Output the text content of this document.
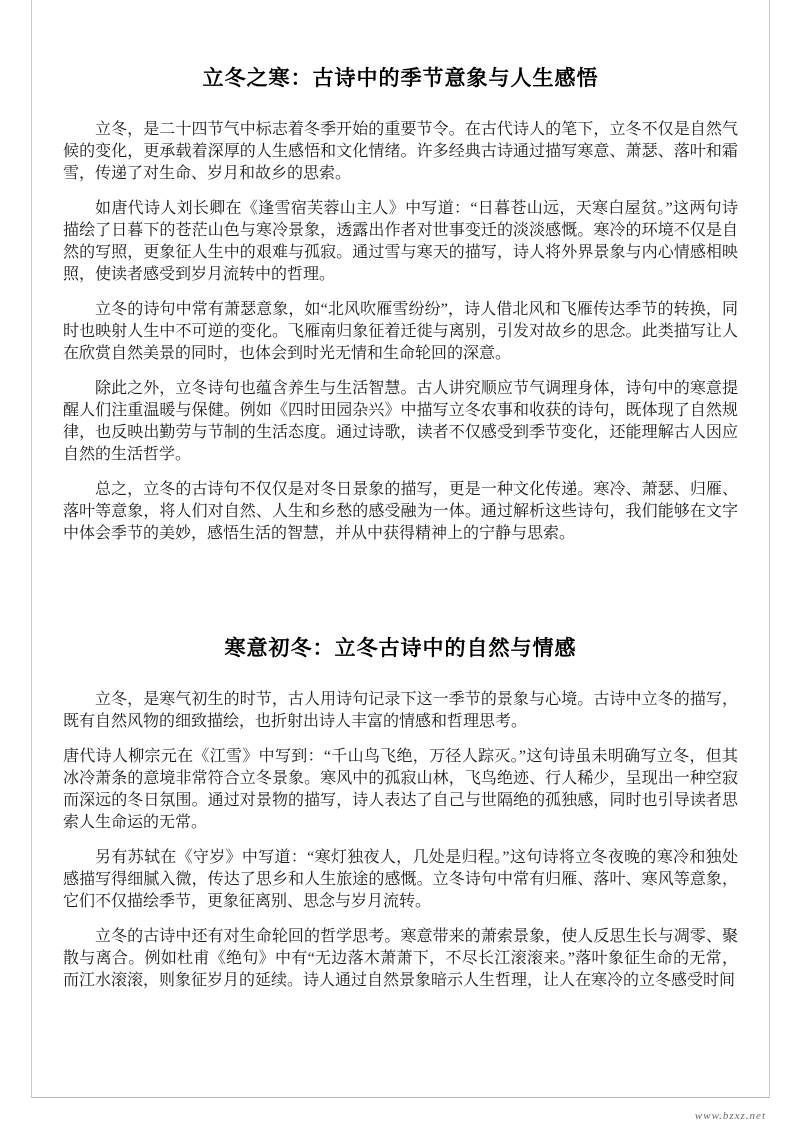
立冬之寒：古诗中的季节意象与人生感悟

立冬，是二十四节气中标志着冬季开始的重要节令。在古代诗人的笔下，立冬不仅是自然气候的变化，更承载着深厚的人生感悟和文化情绪。许多经典古诗通过描写寒意、萧瑟、落叶和霜雪，传递了对生命、岁月和故乡的思索。

如唐代诗人刘长卿在《逢雪宿芙蓉山主人》中写道：“日暮苍山远，天寒白屋贫。”这两句诗描绘了日暮下的苍茫山色与寒冷景象，透露出作者对世事变迁的淡淡感慨。寒冷的环境不仅是自然的写照，更象征人生中的艰难与孤寂。通过雪与寒天的描写，诗人将外界景象与内心情感相映照，使读者感受到岁月流转中的哲理。

立冬的诗句中常有萧瑟意象，如“北风吹雁雪纷纷”，诗人借北风和飞雁传达季节的转换，同时也映射人生中不可逆的变化。飞雁南归象征着迁徙与离别，引发对故乡的思念。此类描写让人在欣赏自然美景的同时，也体会到时光无情和生命轮回的深意。

除此之外，立冬诗句也蕴含养生与生活智慧。古人讲究顺应节气调理身体，诗句中的寒意提醒人们注重温暖与保健。例如《四时田园杂兴》中描写立冬农事和收获的诗句，既体现了自然规律，也反映出勤劳与节制的生活态度。通过诗歌，读者不仅感受到季节变化，还能理解古人因应自然的生活哲学。

总之，立冬的古诗句不仅仅是对冬日景象的描写，更是一种文化传递。寒冷、萧瑟、归雁、落叶等意象，将人们对自然、人生和乡愁的感受融为一体。通过解析这些诗句，我们能够在文字中体会季节的美妙，感悟生活的智慧，并从中获得精神上的宁静与思索。

寒意初冬：立冬古诗中的自然与情感

立冬，是寒气初生的时节，古人用诗句记录下这一季节的景象与心境。古诗中立冬的描写，既有自然风物的细致描绘，也折射出诗人丰富的情感和哲理思考。

唐代诗人柳宗元在《江雪》中写到：“千山鸟飞绝，万径人踪灭。”这句诗虽未明确写立冬，但其冰冷萧条的意境非常符合立冬景象。寒风中的孤寂山林，飞鸟绝迹、行人稀少，呈现出一种空寂而深远的冬日氛围。通过对景物的描写，诗人表达了自己与世隔绝的孤独感，同时也引导读者思索人生命运的无常。

另有苏轼在《守岁》中写道：“寒灯独夜人，几处是归程。”这句诗将立冬夜晚的寒冷和独处感描写得细腻入微，传达了思乡和人生旅途的感慨。立冬诗句中常有归雁、落叶、寒风等意象，它们不仅描绘季节，更象征离别、思念与岁月流转。

立冬的古诗中还有对生命轮回的哲学思考。寒意带来的萧索景象，使人反思生长与凋零、聚散与离合。例如杜甫《绝句》中有“无边落木萧萧下，不尽长江滚滚来。”落叶象征生命的无常，而江水滚滚，则象征岁月的延续。诗人通过自然景象暗示人生哲理，让人在寒冷的立冬感受时间

www.bzxz.net
